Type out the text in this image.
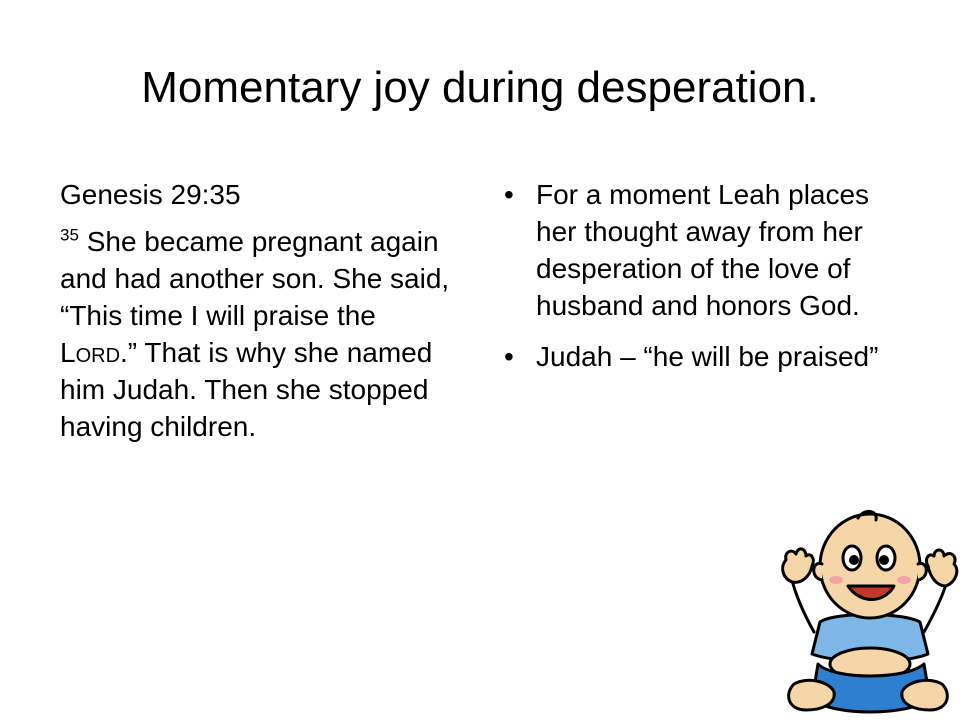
Momentary joy during desperation.

Genesis 29:35

$^{35}$ She became pregnant again and had another son. She said, “This time I will praise the Lord.” That is why she named him Judah. Then she stopped having children.

• For a moment Leah places her thought away from her desperation of the love of husband and honors God.
• Judah – “he will be praised”
